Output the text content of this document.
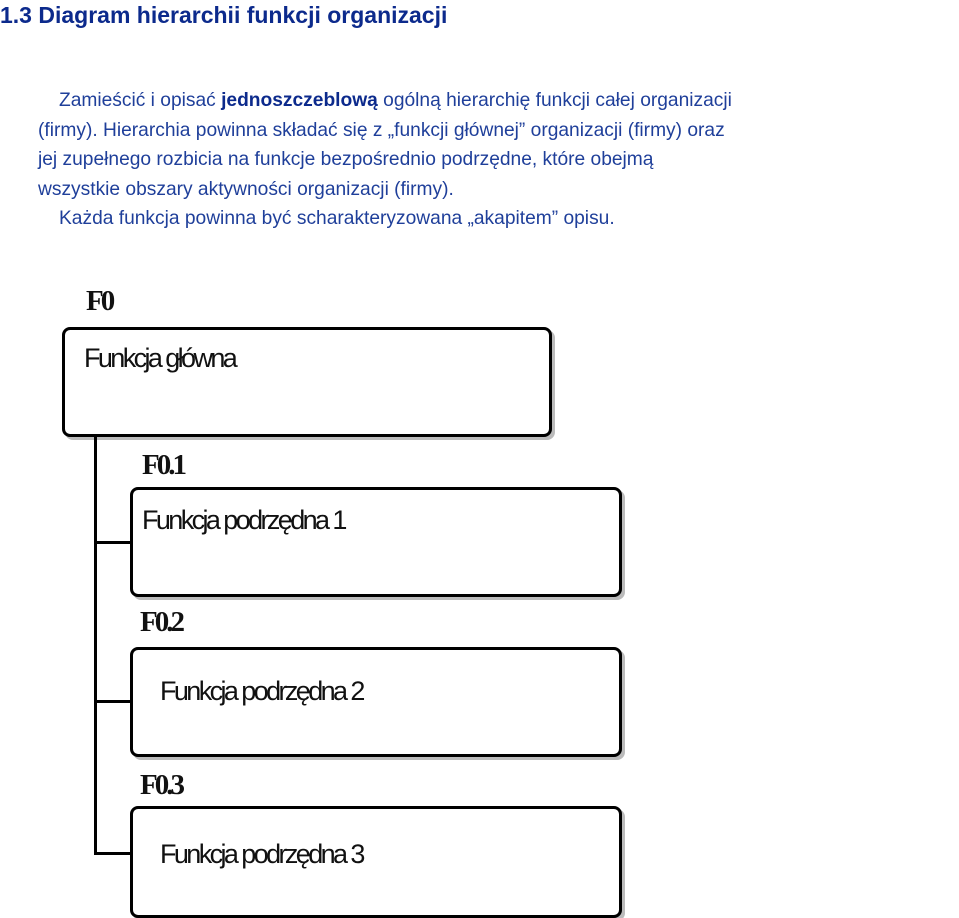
1.3 Diagram hierarchii funkcji organizacji
Zamieścić i opisać jednoszczeblową ogólną hierarchię funkcji całej organizacji
(firmy). Hierarchia powinna składać się z „funkcji głównej” organizacji (firmy) oraz
jej zupełnego rozbicia na funkcje bezpośrednio podrzędne, które obejmą
wszystkie obszary aktywności organizacji (firmy).
Każda funkcja powinna być scharakteryzowana „akapitem” opisu.
F0
Funkcja główna
F0.1
Funkcja podrzędna 1
F0.2
Funkcja podrzędna 2
F0.3
Funkcja podrzędna 3
